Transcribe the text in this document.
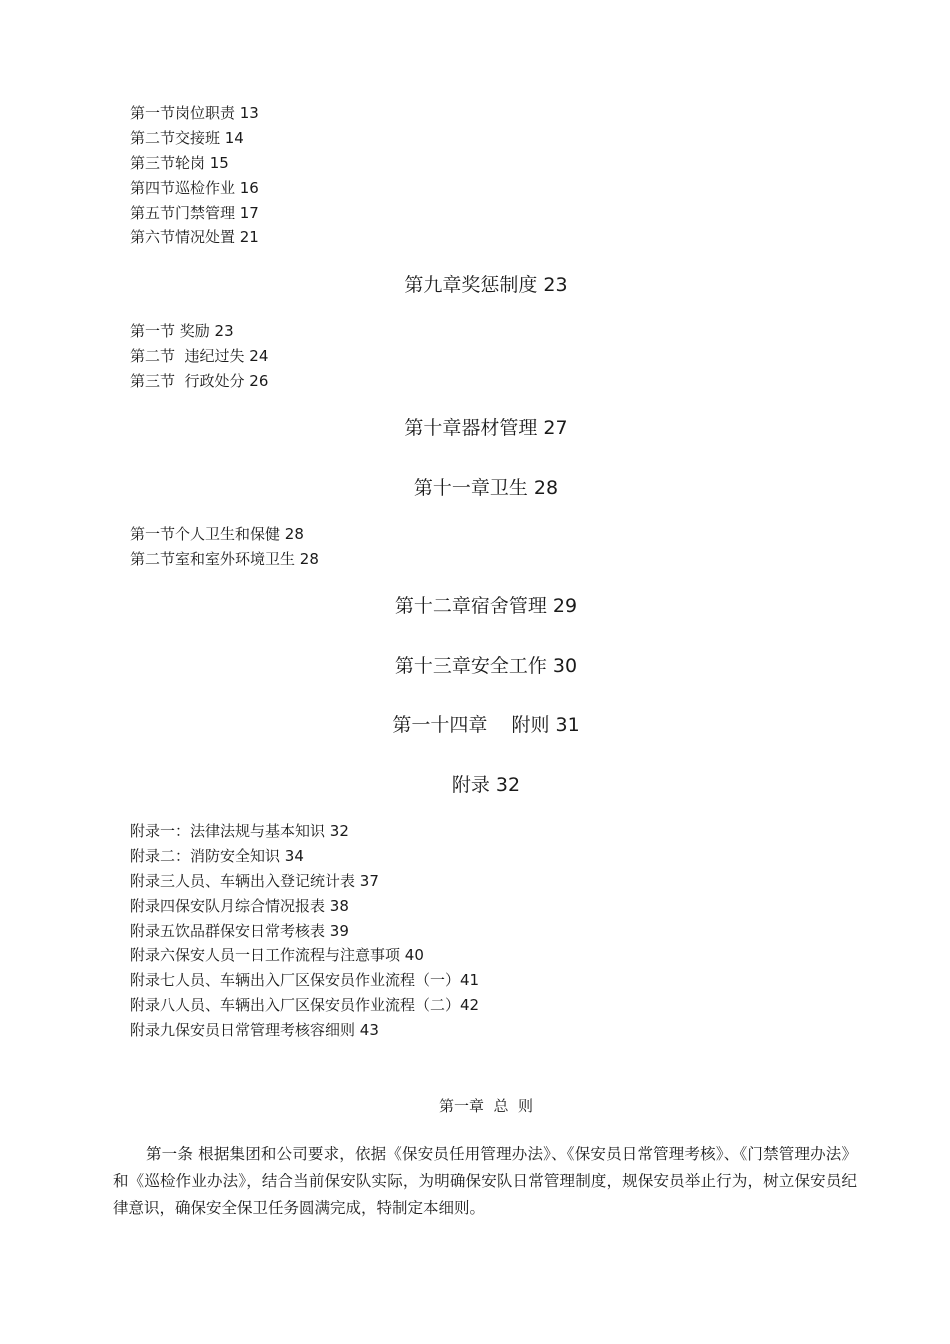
第一节岗位职责 13
第二节交接班 14
第三节轮岗 15
第四节巡检作业 16
第五节门禁管理 17
第六节情况处置 21
第九章奖惩制度 23
第一节 奖励 23
第二节  违纪过失 24
第三节  行政处分 26
第十章器材管理 27
第十一章卫生 28
第一节个人卫生和保健 28
第二节室和室外环境卫生 28
第十二章宿舍管理 29
第十三章安全工作 30
第一十四章    附则 31
附录 32
附录一：法律法规与基本知识 32
附录二：消防安全知识 34
附录三人员、车辆出入登记统计表 37
附录四保安队月综合情况报表 38
附录五饮品群保安日常考核表 39
附录六保安人员一日工作流程与注意事项 40
附录七人员、车辆出入厂区保安员作业流程（一）41
附录八人员、车辆出入厂区保安员作业流程（二）42
附录九保安员日常管理考核容细则 43
第一章  总  则

第一条 根据集团和公司要求，依据《保安员任用管理办法》、《保安员日常管理考核》、《门禁管理办法》和《巡检作业办法》，结合当前保安队实际，为明确保安队日常管理制度，规保安员举止行为，树立保安员纪律意识，确保安全保卫任务圆满完成，特制定本细则。
